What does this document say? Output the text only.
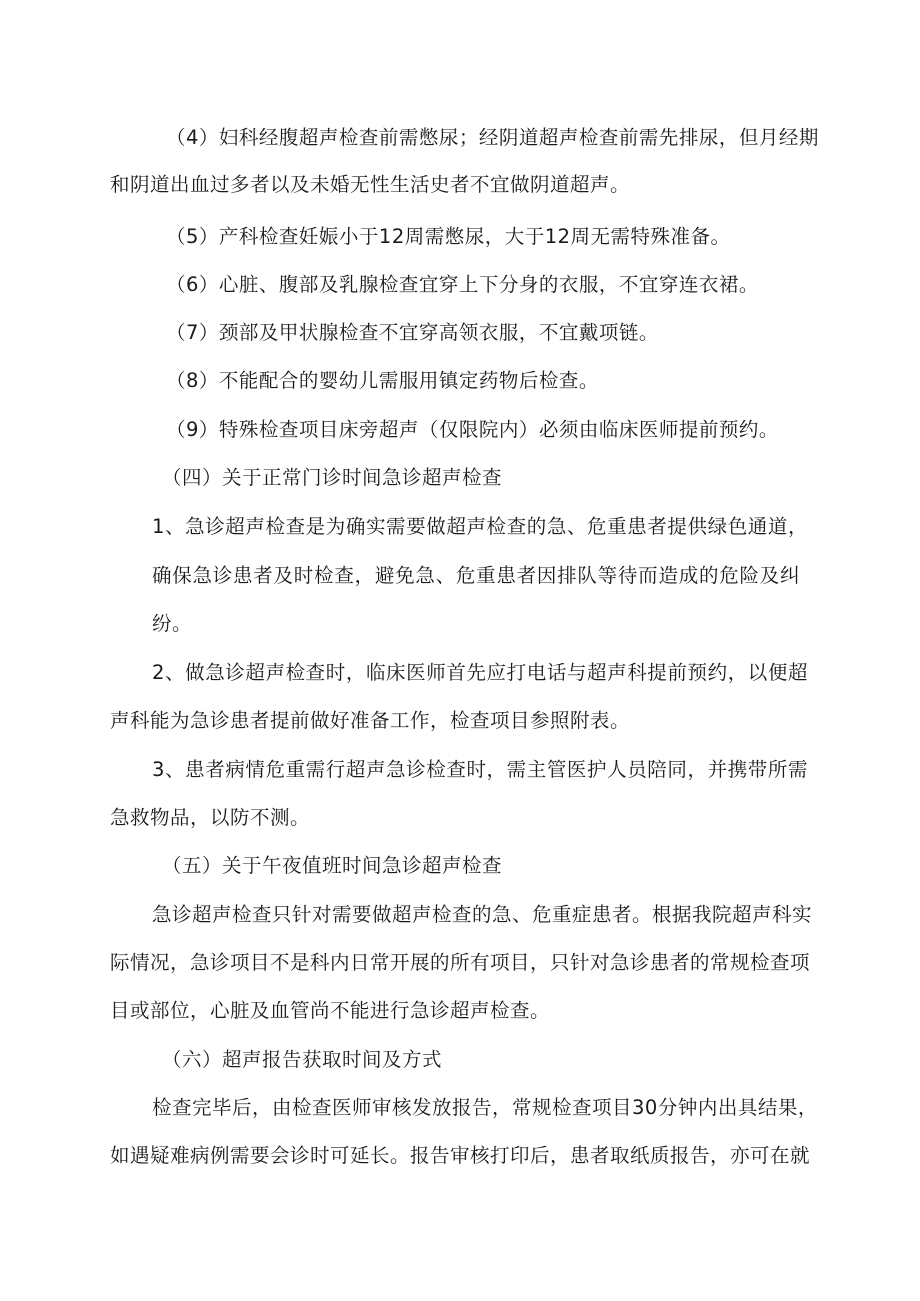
（4）妇科经腹超声检查前需憋尿；经阴道超声检查前需先排尿，但月经期
和阴道出血过多者以及未婚无性生活史者不宜做阴道超声。
（5）产科检查妊娠小于12周需憋尿，大于12周无需特殊准备。
（6）心脏、腹部及乳腺检查宜穿上下分身的衣服，不宜穿连衣裙。
（7）颈部及甲状腺检查不宜穿高领衣服，不宜戴项链。
（8）不能配合的婴幼儿需服用镇定药物后检查。
（9）特殊检查项目床旁超声（仅限院内）必须由临床医师提前预约。
（四）关于正常门诊时间急诊超声检查
1、急诊超声检查是为确实需要做超声检查的急、危重患者提供绿色通道，
确保急诊患者及时检查，避免急、危重患者因排队等待而造成的危险及纠
纷。
2、做急诊超声检查时，临床医师首先应打电话与超声科提前预约，以便超
声科能为急诊患者提前做好准备工作，检查项目参照附表。
3、患者病情危重需行超声急诊检查时，需主管医护人员陪同，并携带所需
急救物品，以防不测。
（五）关于午夜值班时间急诊超声检查
急诊超声检查只针对需要做超声检查的急、危重症患者。根据我院超声科实
际情况，急诊项目不是科内日常开展的所有项目，只针对急诊患者的常规检查项
目或部位，心脏及血管尚不能进行急诊超声检查。
（六）超声报告获取时间及方式
检查完毕后，由检查医师审核发放报告，常规检查项目30分钟内出具结果，
如遇疑难病例需要会诊时可延长。报告审核打印后，患者取纸质报告，亦可在就
